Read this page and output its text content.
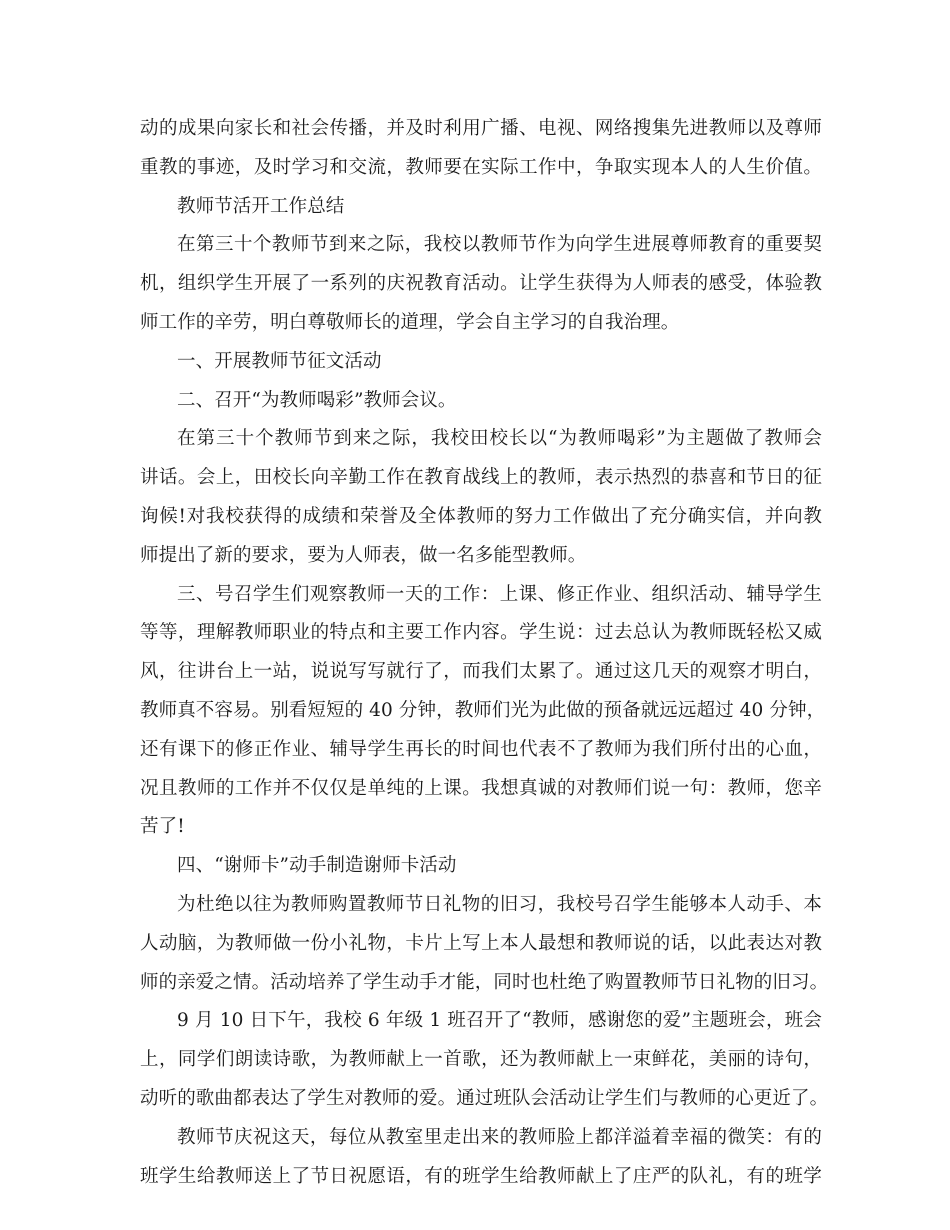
动的成果向家长和社会传播，并及时利用广播、电视、网络搜集先进教师以及尊师
重教的事迹，及时学习和交流，教师要在实际工作中，争取实现本人的人生价值。
教师节活开工作总结
在第三十个教师节到来之际，我校以教师节作为向学生进展尊师教育的重要契
机，组织学生开展了一系列的庆祝教育活动。让学生获得为人师表的感受，体验教
师工作的辛劳，明白尊敬师长的道理，学会自主学习的自我治理。
一、开展教师节征文活动
二、召开“为教师喝彩”教师会议。
在第三十个教师节到来之际，我校田校长以“为教师喝彩”为主题做了教师会
讲话。会上，田校长向辛勤工作在教育战线上的教师，表示热烈的恭喜和节日的征
询候!对我校获得的成绩和荣誉及全体教师的努力工作做出了充分确实信，并向教
师提出了新的要求，要为人师表，做一名多能型教师。
三、号召学生们观察教师一天的工作：上课、修正作业、组织活动、辅导学生
等等，理解教师职业的特点和主要工作内容。学生说：过去总认为教师既轻松又威
风，往讲台上一站，说说写写就行了，而我们太累了。通过这几天的观察才明白，
教师真不容易。别看短短的 40 分钟，教师们光为此做的预备就远远超过 40 分钟，
还有课下的修正作业、辅导学生再长的时间也代表不了教师为我们所付出的心血，
况且教师的工作并不仅仅是单纯的上课。我想真诚的对教师们说一句：教师，您辛
苦了!
四、“谢师卡”动手制造谢师卡活动
为杜绝以往为教师购置教师节日礼物的旧习，我校号召学生能够本人动手、本
人动脑，为教师做一份小礼物，卡片上写上本人最想和教师说的话，以此表达对教
师的亲爱之情。活动培养了学生动手才能，同时也杜绝了购置教师节日礼物的旧习。
9 月 10 日下午，我校 6 年级 1 班召开了“教师，感谢您的爱”主题班会，班会
上，同学们朗读诗歌，为教师献上一首歌，还为教师献上一束鲜花，美丽的诗句，
动听的歌曲都表达了学生对教师的爱。通过班队会活动让学生们与教师的心更近了。
教师节庆祝这天，每位从教室里走出来的教师脸上都洋溢着幸福的微笑：有的
班学生给教师送上了节日祝愿语，有的班学生给教师献上了庄严的队礼，有的班学
